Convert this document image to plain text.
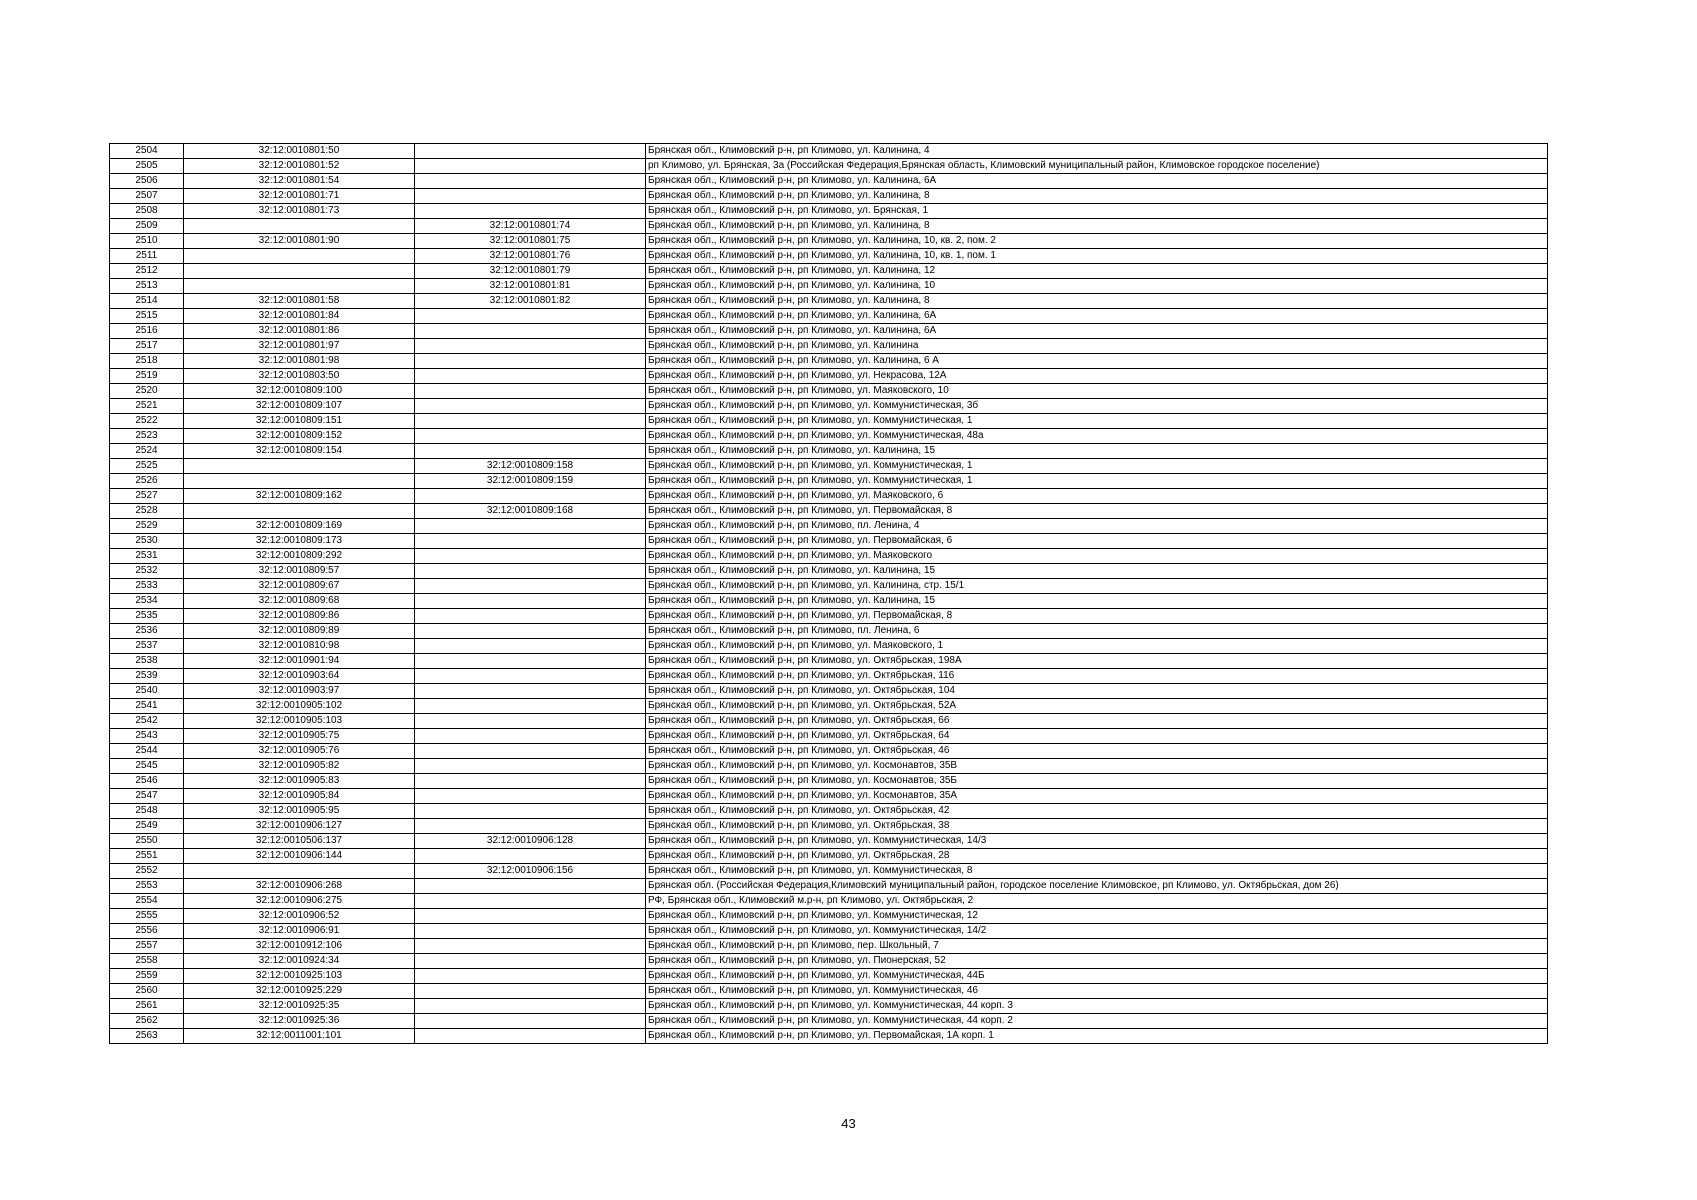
2504	32:12:0010801:50		Брянская обл., Климовский р-н, рп Климово, ул. Калинина, 4
2505	32:12:0010801:52		рп Климово, ул. Брянская, 3а (Российская Федерация,Брянская область, Климовский муниципальный район, Климовское городское поселение)
2506	32:12:0010801:54		Брянская обл., Климовский р-н, рп Климово, ул. Калинина, 6А
2507	32:12:0010801:71		Брянская обл., Климовский р-н, рп Климово, ул. Калинина, 8
2508	32:12:0010801:73		Брянская обл., Климовский р-н, рп Климово, ул. Брянская, 1
2509		32:12:0010801:74	Брянская обл., Климовский р-н, рп Климово, ул. Калинина, 8
2510	32:12:0010801:90	32:12:0010801:75	Брянская обл., Климовский р-н, рп Климово, ул. Калинина, 10, кв. 2, пом. 2
2511		32:12:0010801:76	Брянская обл., Климовский р-н, рп Климово, ул. Калинина, 10, кв. 1, пом. 1
2512		32:12:0010801:79	Брянская обл., Климовский р-н, рп Климово, ул. Калинина, 12
2513		32:12:0010801:81	Брянская обл., Климовский р-н, рп Климово, ул. Калинина, 10
2514	32:12:0010801:58	32:12:0010801:82	Брянская обл., Климовский р-н, рп Климово, ул. Калинина, 8
2515	32:12:0010801:84		Брянская обл., Климовский р-н, рп Климово, ул. Калинина, 6А
2516	32:12:0010801:86		Брянская обл., Климовский р-н, рп Климово, ул. Калинина, 6А
2517	32:12:0010801:97		Брянская обл., Климовский р-н, рп Климово, ул. Калинина
2518	32:12:0010801:98		Брянская обл., Климовский р-н, рп Климово, ул. Калинина, 6 А
2519	32:12:0010803:50		Брянская обл., Климовский р-н, рп Климово, ул. Некрасова, 12А
2520	32:12:0010809:100		Брянская обл., Климовский р-н, рп Климово, ул. Маяковского, 10
2521	32:12:0010809:107		Брянская обл., Климовский р-н, рп Климово, ул. Коммунистическая, 3б
2522	32:12:0010809:151		Брянская обл., Климовский р-н, рп Климово, ул. Коммунистическая, 1
2523	32:12:0010809:152		Брянская обл., Климовский р-н, рп Климово, ул. Коммунистическая, 48а
2524	32:12:0010809:154		Брянская обл., Климовский р-н, рп Климово, ул. Калинина, 15
2525		32:12:0010809:158	Брянская обл., Климовский р-н, рп Климово, ул. Коммунистическая, 1
2526		32:12:0010809:159	Брянская обл., Климовский р-н, рп Климово, ул. Коммунистическая, 1
2527	32:12:0010809:162		Брянская обл., Климовский р-н, рп Климово, ул. Маяковского, 6
2528		32:12:0010809:168	Брянская обл., Климовский р-н, рп Климово, ул. Первомайская, 8
2529	32:12:0010809:169		Брянская обл., Климовский р-н, рп Климово, пл. Ленина, 4
2530	32:12:0010809:173		Брянская обл., Климовский р-н, рп Климово, ул. Первомайская, 6
2531	32:12:0010809:292		Брянская обл., Климовский р-н, рп Климово, ул. Маяковского
2532	32:12:0010809:57		Брянская обл., Климовский р-н, рп Климово, ул. Калинина, 15
2533	32:12:0010809:67		Брянская обл., Климовский р-н, рп Климово, ул. Калинина, стр. 15/1
2534	32:12:0010809:68		Брянская обл., Климовский р-н, рп Климово, ул. Калинина, 15
2535	32:12:0010809:86		Брянская обл., Климовский р-н, рп Климово, ул. Первомайская, 8
2536	32:12:0010809:89		Брянская обл., Климовский р-н, рп Климово, пл. Ленина, 6
2537	32:12:0010810:98		Брянская обл., Климовский р-н, рп Климово, ул. Маяковского, 1
2538	32:12:0010901:94		Брянская обл., Климовский р-н, рп Климово, ул. Октябрьская, 198А
2539	32:12:0010903:64		Брянская обл., Климовский р-н, рп Климово, ул. Октябрьская, 116
2540	32:12:0010903:97		Брянская обл., Климовский р-н, рп Климово, ул. Октябрьская, 104
2541	32:12:0010905:102		Брянская обл., Климовский р-н, рп Климово, ул. Октябрьская, 52А
2542	32:12:0010905:103		Брянская обл., Климовский р-н, рп Климово, ул. Октябрьская, 66
2543	32:12:0010905:75		Брянская обл., Климовский р-н, рп Климово, ул. Октябрьская, 64
2544	32:12:0010905:76		Брянская обл., Климовский р-н, рп Климово, ул. Октябрьская, 46
2545	32:12:0010905:82		Брянская обл., Климовский р-н, рп Климово, ул. Космонавтов, 35В
2546	32:12:0010905:83		Брянская обл., Климовский р-н, рп Климово, ул. Космонавтов, 35Б
2547	32:12:0010905:84		Брянская обл., Климовский р-н, рп Климово, ул. Космонавтов, 35А
2548	32:12:0010905:95		Брянская обл., Климовский р-н, рп Климово, ул. Октябрьская, 42
2549	32:12:0010906:127		Брянская обл., Климовский р-н, рп Климово, ул. Октябрьская, 38
2550	32:12:0010506:137	32:12:0010906:128	Брянская обл., Климовский р-н, рп Климово, ул. Коммунистическая, 14/3
2551	32:12:0010906:144		Брянская обл., Климовский р-н, рп Климово, ул. Октябрьская, 28
2552		32:12:0010906:156	Брянская обл., Климовский р-н, рп Климово, ул. Коммунистическая, 8
2553	32:12:0010906:268		Брянская обл. (Российская Федерация,Климовский муниципальный район, городское поселение Климовское, рп Климово, ул. Октябрьская, дом 26)
2554	32:12:0010906:275		РФ, Брянская обл., Климовский м.р-н, рп Климово, ул. Октябрьская, 2
2555	32:12:0010906:52		Брянская обл., Климовский р-н, рп Климово, ул. Коммунистическая, 12
2556	32:12:0010906:91		Брянская обл., Климовский р-н, рп Климово, ул. Коммунистическая, 14/2
2557	32:12:0010912:106		Брянская обл., Климовский р-н, рп Климово, пер. Школьный, 7
2558	32:12:0010924:34		Брянская обл., Климовский р-н, рп Климово, ул. Пионерская, 52
2559	32:12:0010925:103		Брянская обл., Климовский р-н, рп Климово, ул. Коммунистическая, 44Б
2560	32:12:0010925:229		Брянская обл., Климовский р-н, рп Климово, ул. Коммунистическая, 46
2561	32:12:0010925:35		Брянская обл., Климовский р-н, рп Климово, ул. Коммунистическая, 44 корп. 3
2562	32:12:0010925:36		Брянская обл., Климовский р-н, рп Климово, ул. Коммунистическая, 44 корп. 2
2563	32:12:0011001:101		Брянская обл., Климовский р-н, рп Климово, ул. Первомайская, 1А корп. 1
43
